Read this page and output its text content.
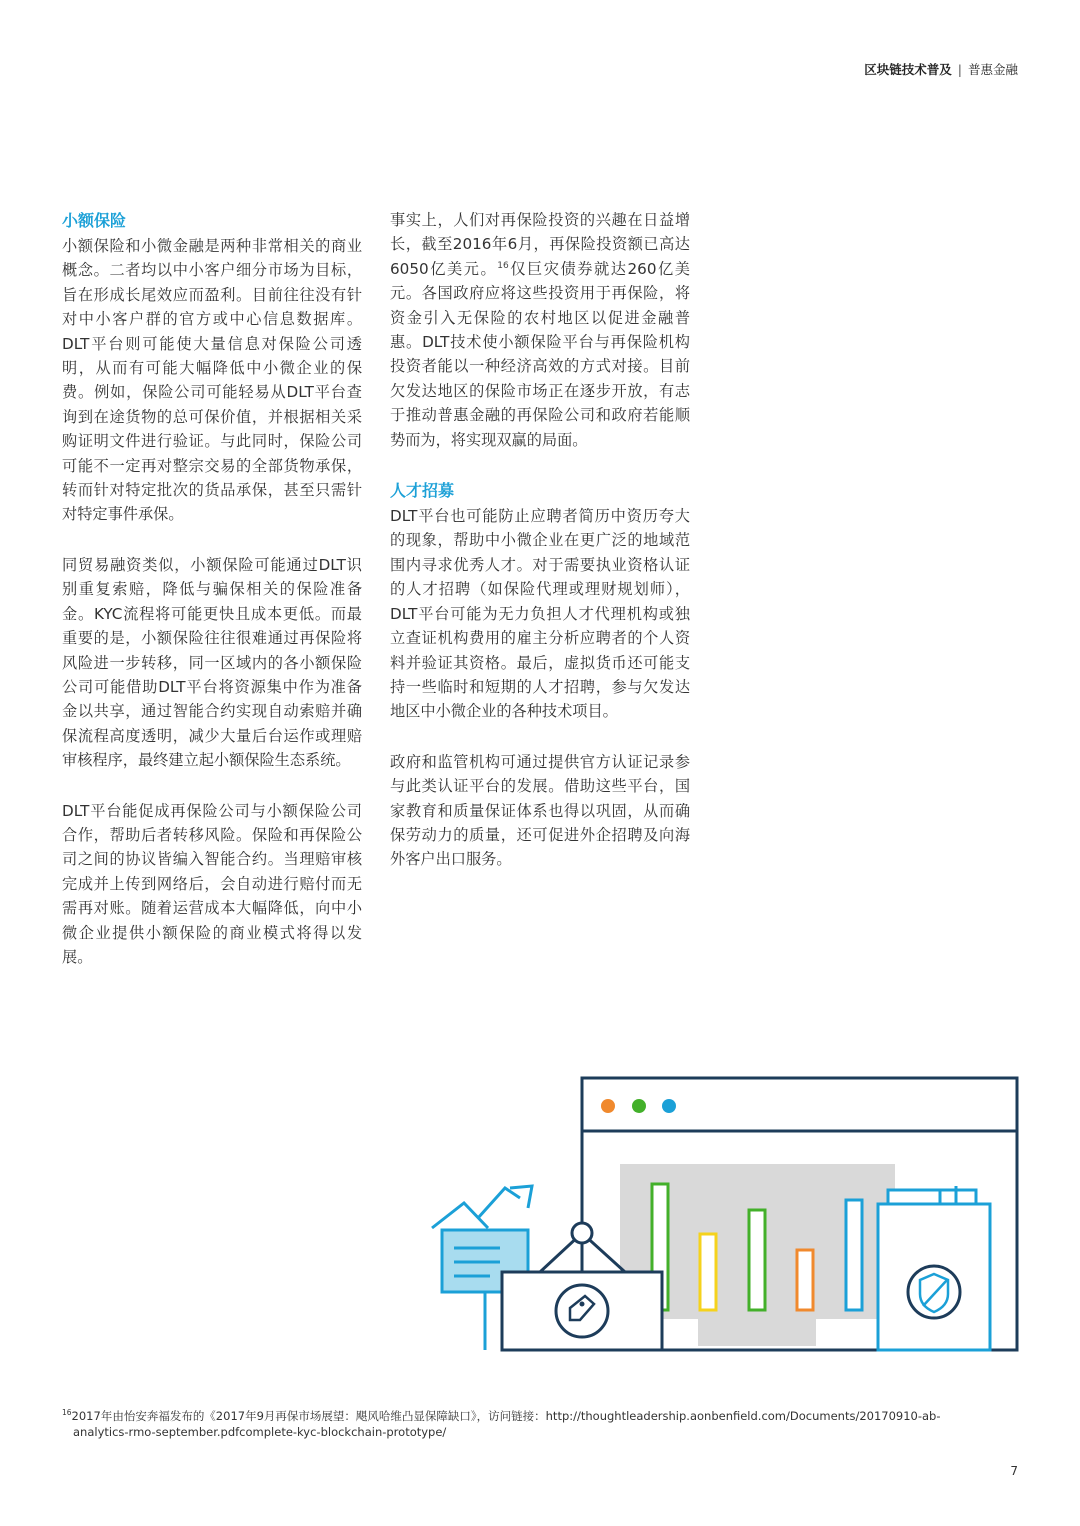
区块链技术普及 | 普惠金融

小额保险

小额保险和小微金融是两种非常相关的商业概念。二者均以中小客户细分市场为目标，旨在形成长尾效应而盈利。目前往往没有针对中小客户群的官方或中心信息数据库。DLT平台则可能使大量信息对保险公司透明，从而有可能大幅降低中小微企业的保费。例如，保险公司可能轻易从DLT平台查询到在途货物的总可保价值，并根据相关采购证明文件进行验证。与此同时，保险公司可能不一定再对整宗交易的全部货物承保，转而针对特定批次的货品承保，甚至只需针对特定事件承保。

同贸易融资类似，小额保险可能通过DLT识别重复索赔，降低与骗保相关的保险准备金。KYC流程将可能更快且成本更低。而最重要的是，小额保险往往很难通过再保险将风险进一步转移，同一区域内的各小额保险公司可能借助DLT平台将资源集中作为准备金以共享，通过智能合约实现自动索赔并确保流程高度透明，减少大量后台运作或理赔审核程序，最终建立起小额保险生态系统。

DLT平台能促成再保险公司与小额保险公司合作，帮助后者转移风险。保险和再保险公司之间的协议皆编入智能合约。当理赔审核完成并上传到网络后，会自动进行赔付而无需再对账。随着运营成本大幅降低，向中小微企业提供小额保险的商业模式将得以发展。

事实上，人们对再保险投资的兴趣在日益增长，截至2016年6月，再保险投资额已高达6050亿美元。$^{16}$仅巨灾债券就达260亿美元。各国政府应将这些投资用于再保险，将资金引入无保险的农村地区以促进金融普惠。DLT技术使小额保险平台与再保险机构投资者能以一种经济高效的方式对接。目前欠发达地区的保险市场正在逐步开放，有志于推动普惠金融的再保险公司和政府若能顺势而为，将实现双赢的局面。

人才招募

DLT平台也可能防止应聘者简历中资历夸大的现象，帮助中小微企业在更广泛的地域范围内寻求优秀人才。对于需要执业资格认证的人才招聘（如保险代理或理财规划师），DLT平台可能为无力负担人才代理机构或独立查证机构费用的雇主分析应聘者的个人资料并验证其资格。最后，虚拟货币还可能支持一些临时和短期的人才招聘，参与欠发达地区中小微企业的各种技术项目。

政府和监管机构可通过提供官方认证记录参与此类认证平台的发展。借助这些平台，国家教育和质量保证体系也得以巩固，从而确保劳动力的质量，还可促进外企招聘及向海外客户出口服务。

$^{16}$2017年由怡安奔福发布的《2017年9月再保市场展望：飓风哈维凸显保障缺口》，访问链接：http://thoughtleadership.aonbenfield.com/Documents/20170910-ab-
analytics-rmo-september.pdfcomplete-kyc-blockchain-prototype/
7
